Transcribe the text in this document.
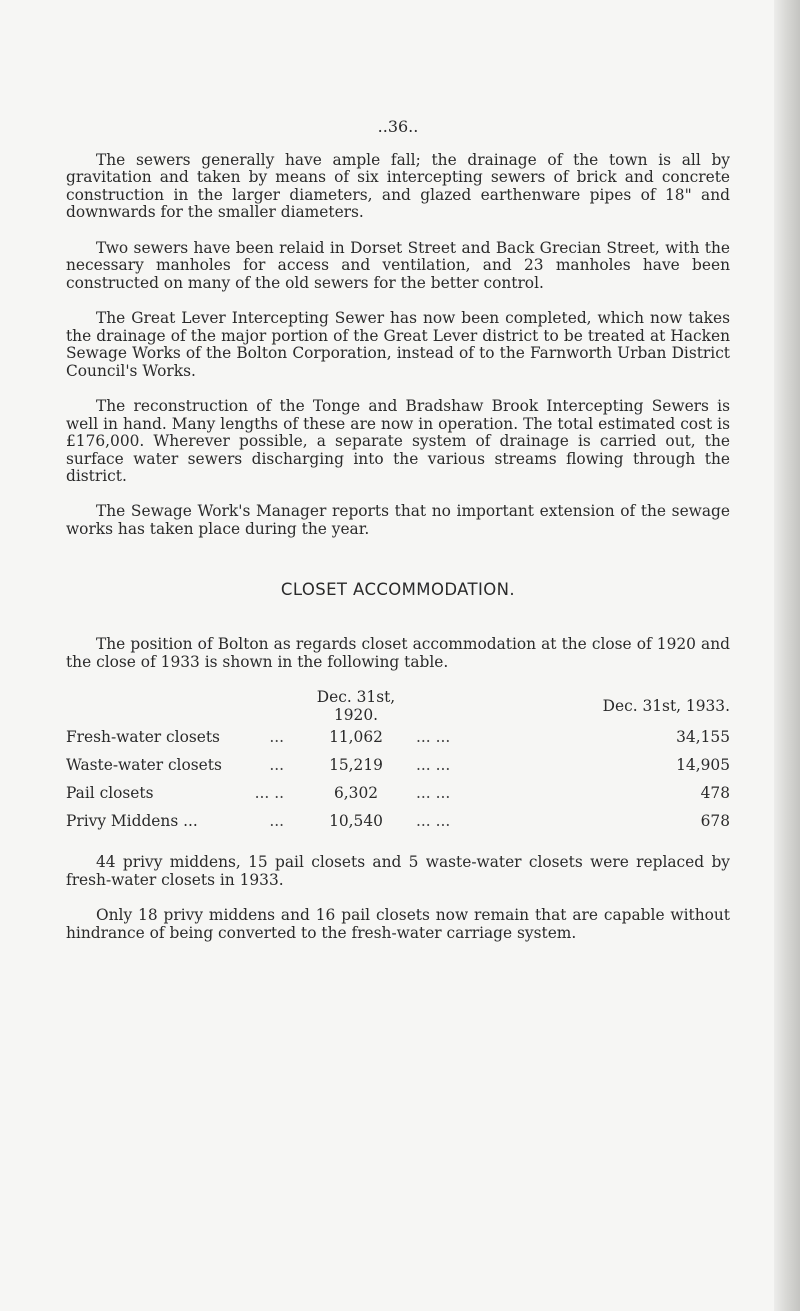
..36..

The sewers generally have ample fall; the drainage of the town is all by gravitation and taken by means of six intercepting sewers of brick and concrete construction in the larger diameters, and glazed earthenware pipes of 18" and downwards for the smaller diameters.

Two sewers have been relaid in Dorset Street and Back Grecian Street, with the necessary manholes for access and ventilation, and 23 manholes have been constructed on many of the old sewers for the better control.

The Great Lever Intercepting Sewer has now been completed, which now takes the drainage of the major portion of the Great Lever district to be treated at Hacken Sewage Works of the Bolton Corporation, instead of to the Farnworth Urban District Council's Works.

The reconstruction of the Tonge and Bradshaw Brook Intercepting Sewers is well in hand. Many lengths of these are now in operation. The total estimated cost is £176,000. Wherever possible, a separate system of drainage is carried out, the surface water sewers discharging into the various streams flowing through the district.

The Sewage Work's Manager reports that no important extension of the sewage works has taken place during the year.

CLOSET ACCOMMODATION.

The position of Bolton as regards closet accommodation at the close of 1920 and the close of 1933 is shown in the following table.

	Dec. 31st, 1920.		Dec. 31st, 1933.

Fresh-water closets ...	11,062	... ...	34,155

Waste-water closets ...	15,219	... ...	14,905

Pail closets ... ..	6,302	... ...	478

Privy Middens ... ...	10,540	... ...	678

44 privy middens, 15 pail closets and 5 waste-water closets were replaced by fresh-water closets in 1933.

Only 18 privy middens and 16 pail closets now remain that are capable without hindrance of being converted to the fresh-water carriage system.
